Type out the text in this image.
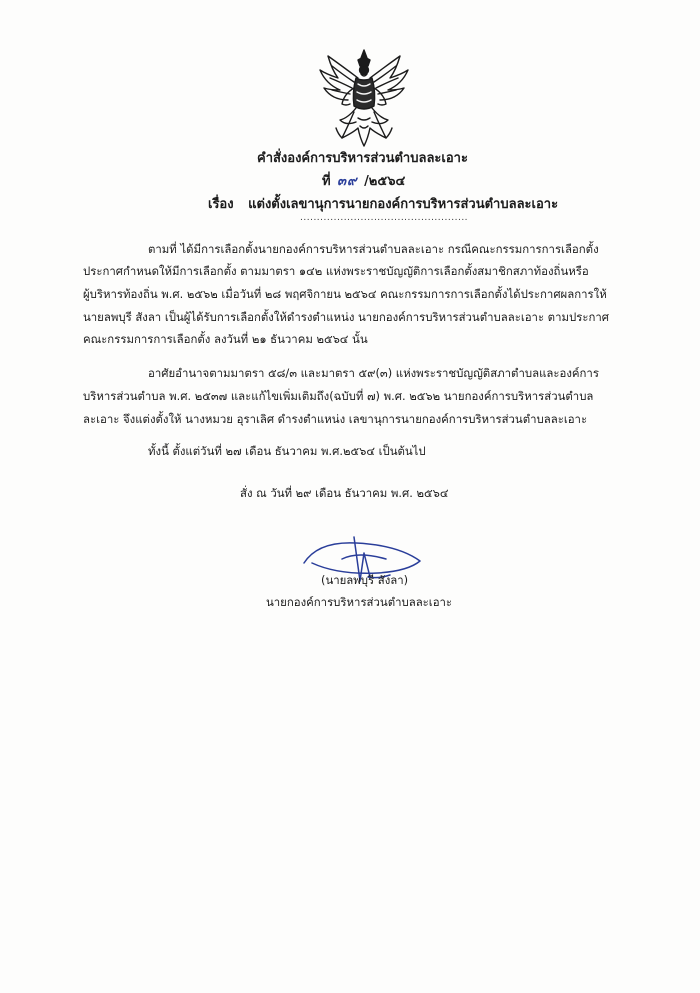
คำสั่งองค์การบริหารส่วนตำบลละเอาะ
ที่ ๓๙ /๒๕๖๔
เรื่อง แต่งตั้งเลขานุการนายกองค์การบริหารส่วนตำบลละเอาะ
..................................................
ตามที่ ได้มีการเลือกตั้งนายกองค์การบริหารส่วนตำบลละเอาะ กรณีคณะกรรมการการเลือกตั้ง
ประกาศกำหนดให้มีการเลือกตั้ง ตามมาตรา ๑๔๒ แห่งพระราชบัญญัติการเลือกตั้งสมาชิกสภาท้องถิ่นหรือ
ผู้บริหารท้องถิ่น พ.ศ. ๒๕๖๒ เมื่อวันที่ ๒๘ พฤศจิกายน ๒๕๖๔ คณะกรรมการการเลือกตั้งได้ประกาศผลการให้
นายลพบุรี สังลา เป็นผู้ได้รับการเลือกตั้งให้ดำรงตำแหน่ง นายกองค์การบริหารส่วนตำบลละเอาะ ตามประกาศ
คณะกรรมการการเลือกตั้ง ลงวันที่ ๒๑ ธันวาคม ๒๕๖๔ นั้น
อาศัยอำนาจตามมาตรา ๕๘/๓ และมาตรา ๕๙(๓) แห่งพระราชบัญญัติสภาตำบลและองค์การ
บริหารส่วนตำบล พ.ศ. ๒๕๓๗ และแก้ไขเพิ่มเติมถึง(ฉบับที่ ๗) พ.ศ. ๒๕๖๒ นายกองค์การบริหารส่วนตำบล
ละเอาะ จึงแต่งตั้งให้ นางหมวย อุราเลิศ ดำรงตำแหน่ง เลขานุการนายกองค์การบริหารส่วนตำบลละเอาะ
ทั้งนี้ ตั้งแต่วันที่ ๒๗ เดือน ธันวาคม พ.ศ.๒๕๖๔ เป็นต้นไป
สั่ง ณ วันที่ ๒๙ เดือน ธันวาคม พ.ศ. ๒๕๖๔
(นายลพบุรี สังลา)
นายกองค์การบริหารส่วนตำบลละเอาะ
